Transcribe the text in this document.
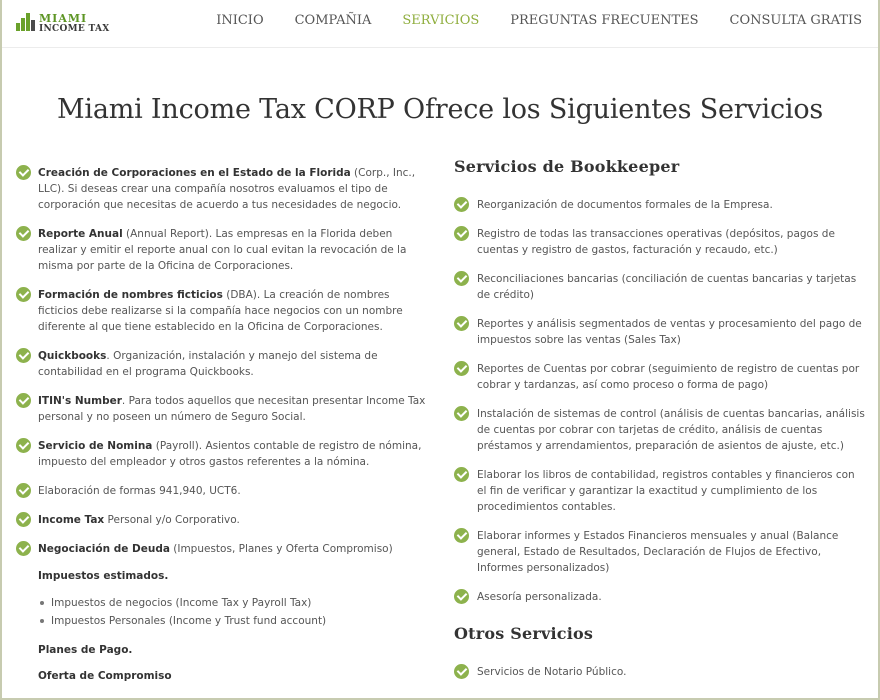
MIAMI
INCOME TAX
INICIO COMPAÑIA SERVICIOS PREGUNTAS FRECUENTES CONSULTA GRATIS
Miami Income Tax CORP Ofrece los Siguientes Servicios
Creación de Corporaciones en el Estado de la Florida (Corp., Inc., LLC). Si deseas crear una compañía nosotros evaluamos el tipo de corporación que necesitas de acuerdo a tus necesidades de negocio.
Reporte Anual (Annual Report). Las empresas en la Florida deben realizar y emitir el reporte anual con lo cual evitan la revocación de la misma por parte de la Oficina de Corporaciones.
Formación de nombres ficticios (DBA). La creación de nombres ficticios debe realizarse si la compañía hace negocios con un nombre diferente al que tiene establecido en la Oficina de Corporaciones.
Quickbooks. Organización, instalación y manejo del sistema de contabilidad en el programa Quickbooks.
ITIN's Number. Para todos aquellos que necesitan presentar Income Tax personal y no poseen un número de Seguro Social.
Servicio de Nomina (Payroll). Asientos contable de registro de nómina, impuesto del empleador y otros gastos referentes a la nómina.
Elaboración de formas 941,940, UCT6.
Income Tax Personal y/o Corporativo.
Negociación de Deuda (Impuestos, Planes y Oferta Compromiso)
Impuestos estimados.
Impuestos de negocios (Income Tax y Payroll Tax)
Impuestos Personales (Income y Trust fund account)
Planes de Pago.
Oferta de Compromiso
Servicios de Bookkeeper
Reorganización de documentos formales de la Empresa.
Registro de todas las transacciones operativas (depósitos, pagos de cuentas y registro de gastos, facturación y recaudo, etc.)
Reconciliaciones bancarias (conciliación de cuentas bancarias y tarjetas de crédito)
Reportes y análisis segmentados de ventas y procesamiento del pago de impuestos sobre las ventas (Sales Tax)
Reportes de Cuentas por cobrar (seguimiento de registro de cuentas por cobrar y tardanzas, así como proceso o forma de pago)
Instalación de sistemas de control (análisis de cuentas bancarias, análisis de cuentas por cobrar con tarjetas de crédito, análisis de cuentas préstamos y arrendamientos, preparación de asientos de ajuste, etc.)
Elaborar los libros de contabilidad, registros contables y financieros con el fin de verificar y garantizar la exactitud y cumplimiento de los procedimientos contables.
Elaborar informes y Estados Financieros mensuales y anual (Balance general, Estado de Resultados, Declaración de Flujos de Efectivo, Informes personalizados)
Asesoría personalizada.
Otros Servicios
Servicios de Notario Público.
